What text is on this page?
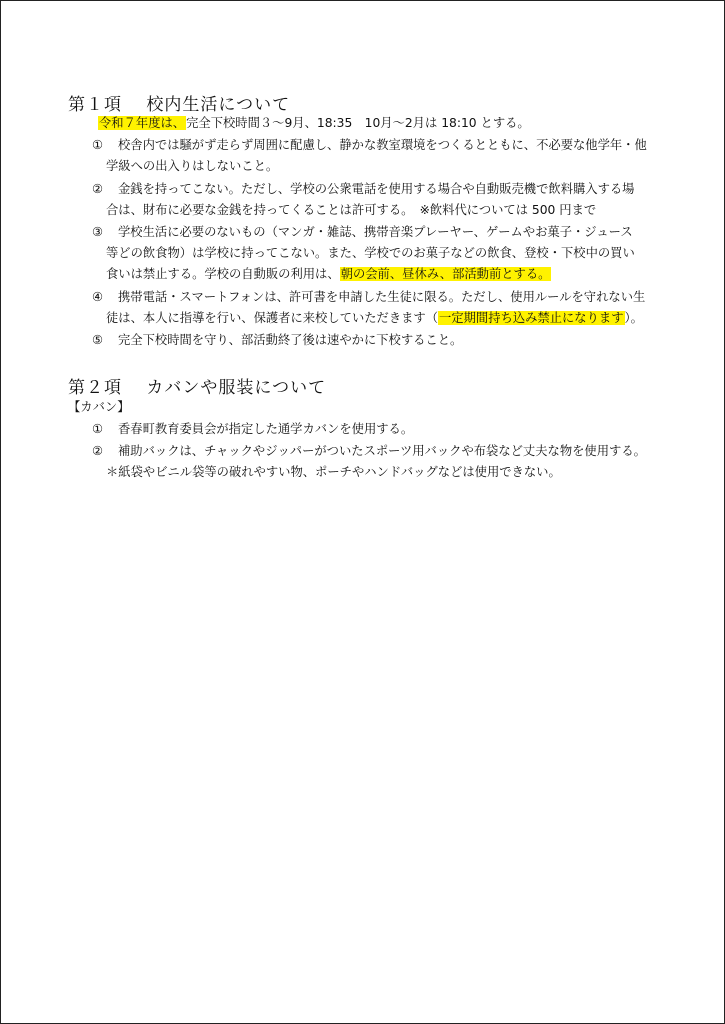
第１項　 校内生活について
令和７年度は、完全下校時間３～9月、18:35　10月～2月は 18:10 とする。
① 校舎内では騒がず走らず周囲に配慮し、静かな教室環境をつくるとともに、不必要な他学年・他
学級への出入りはしないこと。
② 金銭を持ってこない。ただし、学校の公衆電話を使用する場合や自動販売機で飲料購入する場
合は、財布に必要な金銭を持ってくることは許可する。　※飲料代については 500 円まで
③ 学校生活に必要のないもの（マンガ・雑誌、携帯音楽プレーヤー、ゲームやお菓子・ジュース
等どの飲食物）は学校に持ってこない。また、学校でのお菓子などの飲食、登校・下校中の買い
食いは禁止する。学校の自動販の利用は、朝の会前、昼休み、部活動前とする。
④ 携帯電話・スマートフォンは、許可書を申請した生徒に限る。ただし、使用ルールを守れない生
徒は、本人に指導を行い、保護者に来校していただきます（一定期間持ち込み禁止になります）。
⑤ 完全下校時間を守り、部活動終了後は速やかに下校すること。
第２項　 カバンや服装について
【カバン】
① 香春町教育委員会が指定した通学カバンを使用する。
② 補助バックは、チャックやジッパーがついたスポーツ用バックや布袋など丈夫な物を使用する。
＊紙袋やビニル袋等の破れやすい物、ポーチやハンドバッグなどは使用できない。
